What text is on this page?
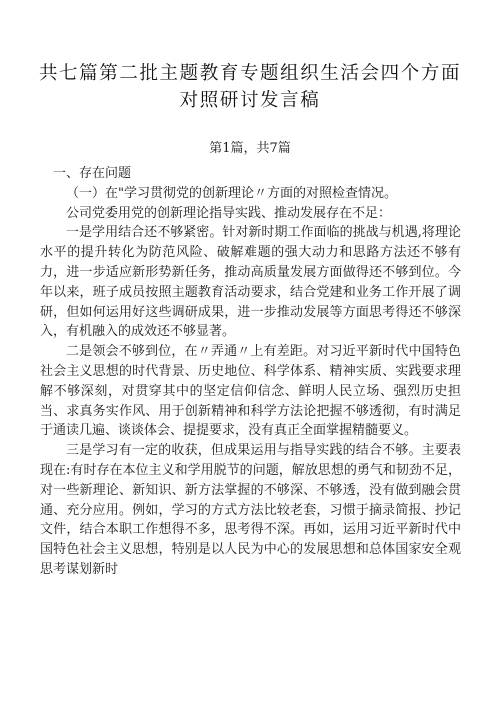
共七篇第二批主题教育专题组织生活会四个方面对照研讨发言稿
第1篇，共7篇

一、存在问题

（一）在"学习贯彻党的创新理论〃方面的对照检查情况。

公司党委用党的创新理论指导实践、推动发展存在不足：

一是学用结合还不够紧密。针对新时期工作面临的挑战与机遇,将理论水平的提升转化为防范风险、破解难题的强大动力和思路方法还不够有力，进一步适应新形势新任务，推动高质量发展方面做得还不够到位。今年以来，班子成员按照主题教育活动要求，结合党建和业务工作开展了调研，但如何运用好这些调研成果，进一步推动发展等方面思考得还不够深入，有机融入的成效还不够显著。

二是领会不够到位，在〃弄通〃上有差距。对习近平新时代中国特色社会主义思想的时代背景、历史地位、科学体系、精神实质、实践要求理解不够深刻，对贯穿其中的坚定信仰信念、鲜明人民立场、强烈历史担当、求真务实作风、用于创新精神和科学方法论把握不够透彻，有时满足于通读几遍、谈谈体会、提提要求，没有真正全面掌握精髓要义。

三是学习有一定的收获，但成果运用与指导实践的结合不够。主要表现在:有时存在本位主义和学用脱节的问题，解放思想的勇气和韧劲不足，对一些新理论、新知识、新方法掌握的不够深、不够透，没有做到融会贯通、充分应用。例如，学习的方式方法比较老套，习惯于摘录简报、抄记文件，结合本职工作想得不多，思考得不深。再如，运用习近平新时代中国特色社会主义思想，特别是以人民为中心的发展思想和总体国家安全观思考谋划新时
